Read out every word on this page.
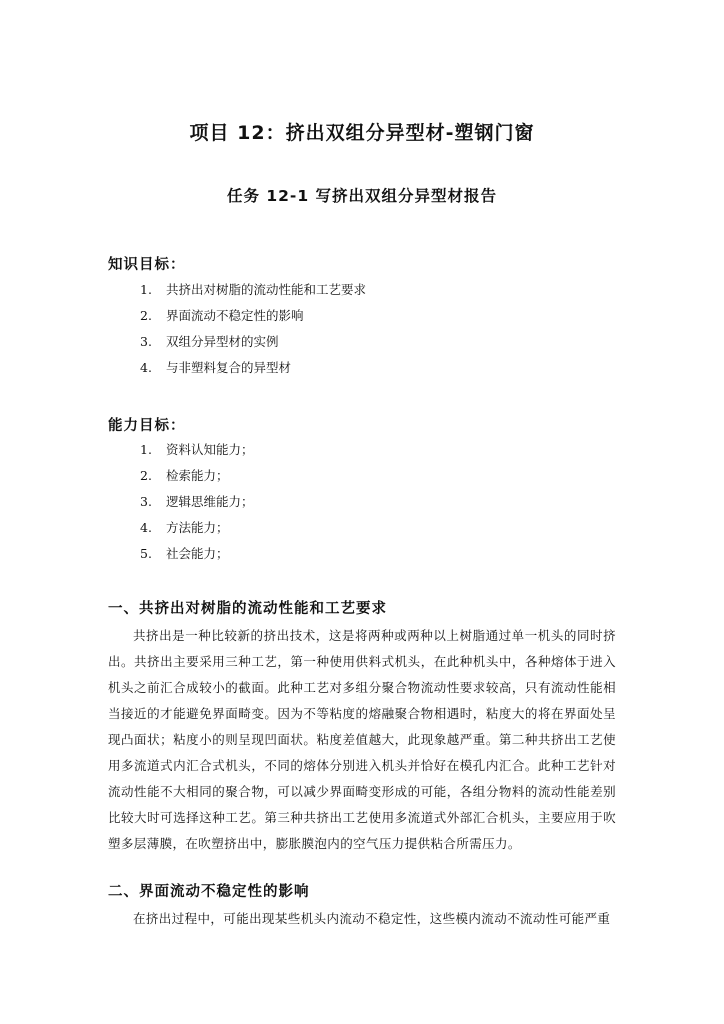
项目 12：挤出双组分异型材-塑钢门窗
任务 12-1 写挤出双组分异型材报告
知识目标：
1. 共挤出对树脂的流动性能和工艺要求
2. 界面流动不稳定性的影响
3. 双组分异型材的实例
4. 与非塑料复合的异型材
能力目标：
1. 资料认知能力；
2. 检索能力；
3. 逻辑思维能力；
4. 方法能力；
5. 社会能力；
一、共挤出对树脂的流动性能和工艺要求
共挤出是一种比较新的挤出技术，这是将两种或两种以上树脂通过单一机头的同时挤出。共挤出主要采用三种工艺，第一种使用供料式机头，在此种机头中，各种熔体于进入机头之前汇合成较小的截面。此种工艺对多组分聚合物流动性要求较高，只有流动性能相当接近的才能避免界面畸变。因为不等粘度的熔融聚合物相遇时，粘度大的将在界面处呈现凸面状；粘度小的则呈现凹面状。粘度差值越大，此现象越严重。第二种共挤出工艺使用多流道式内汇合式机头，不同的熔体分别进入机头并恰好在模孔内汇合。此种工艺针对流动性能不大相同的聚合物，可以减少界面畸变形成的可能，各组分物料的流动性能差别比较大时可选择这种工艺。第三种共挤出工艺使用多流道式外部汇合机头，主要应用于吹塑多层薄膜，在吹塑挤出中，膨胀膜泡内的空气压力提供粘合所需压力。
二、界面流动不稳定性的影响
在挤出过程中，可能出现某些机头内流动不稳定性，这些模内流动不流动性可能严重
